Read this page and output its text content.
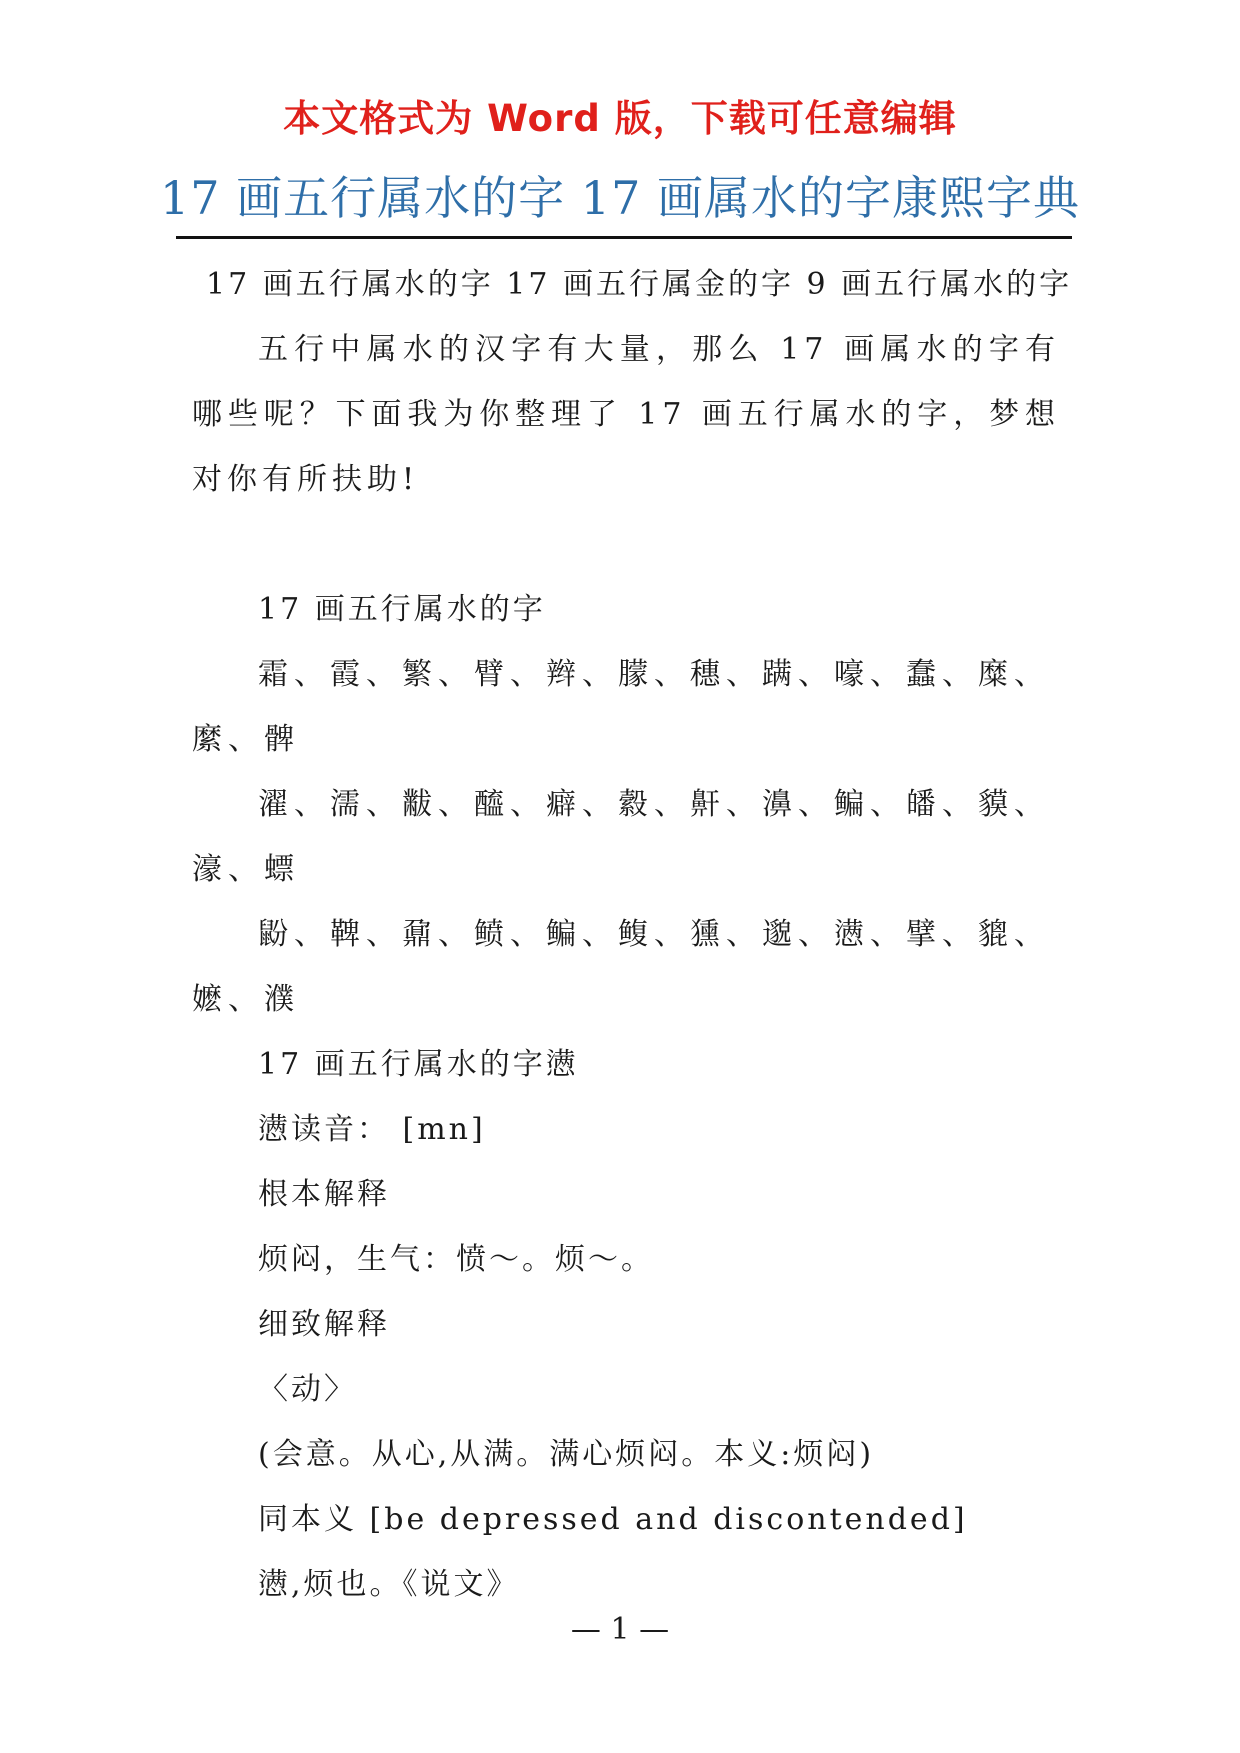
本文格式为 Word 版，下载可任意编辑
17 画五行属水的字 17 画属水的字康熙字典
17 画五行属水的字 17 画五行属金的字 9 画五行属水的字
五行中属水的汉字有大量，那么 17 画属水的字有哪些呢？下面我为你整理了 17 画五行属水的字，梦想对你有所扶助!
17 画五行属水的字
霜、霞、繁、臂、辫、朦、穗、蹒、嚎、蠢、糜、縻、髀
濯、濡、黻、醯、癖、縠、鼾、濞、鳊、皤、貘、濠、螵
鼢、鞞、鼐、鲼、鳊、鳆、獯、邈、懑、擘、貔、嬷、濮
17 画五行属水的字懑
懑读音： [mn]
根本解释
烦闷，生气：愤～。烦～。
细致解释
〈动〉
(会意。从心,从满。满心烦闷。本义:烦闷)
同本义 [be depressed and discontended]
懑,烦也。《说文》
— 1 —
